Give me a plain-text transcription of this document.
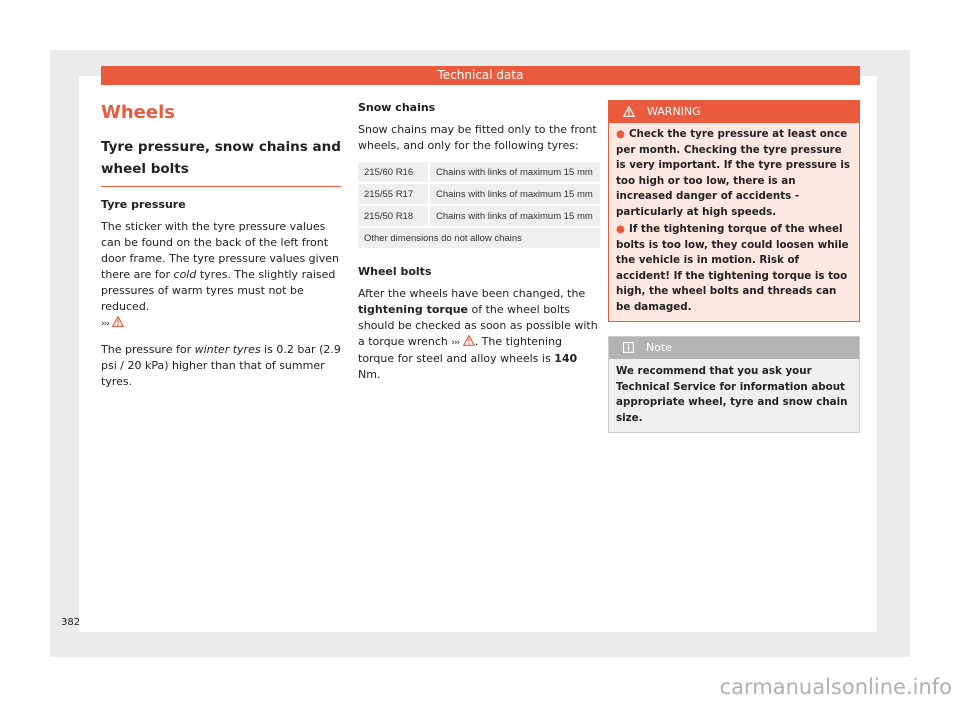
Technical data
Wheels
Tyre pressure, snow chains and wheel bolts
Tyre pressure

The sticker with the tyre pressure values can be found on the back of the left front door frame. The tyre pressure values given there are for cold tyres. The slightly raised pressures of warm tyres must not be reduced.
›››

The pressure for winter tyres is 0.2 bar (2.9 psi / 20 kPa) higher than that of summer tyres.

Snow chains

Snow chains may be fitted only to the front wheels, and only for the following tyres:

215/60 R16	Chains with links of maximum 15 mm
215/55 R17	Chains with links of maximum 15 mm
215/50 R18	Chains with links of maximum 15 mm
Other dimensions do not allow chains	
Wheel bolts

After the wheels have been changed, the tightening torque of the wheel bolts should be checked as soon as possible with a torque wrench ››› . The tightening torque for steel and alloy wheels is 140 Nm.

WARNING
● Check the tyre pressure at least once per month. Checking the tyre pressure is very important. If the tyre pressure is too high or too low, there is an increased danger of accidents - particularly at high speeds.
● If the tightening torque of the wheel bolts is too low, they could loosen while the vehicle is in motion. Risk of accident! If the tightening torque is too high, the wheel bolts and threads can be damaged.
Note
We recommend that you ask your Technical Service for information about appropriate wheel, tyre and snow chain size.
382
carmanualsonline.info
